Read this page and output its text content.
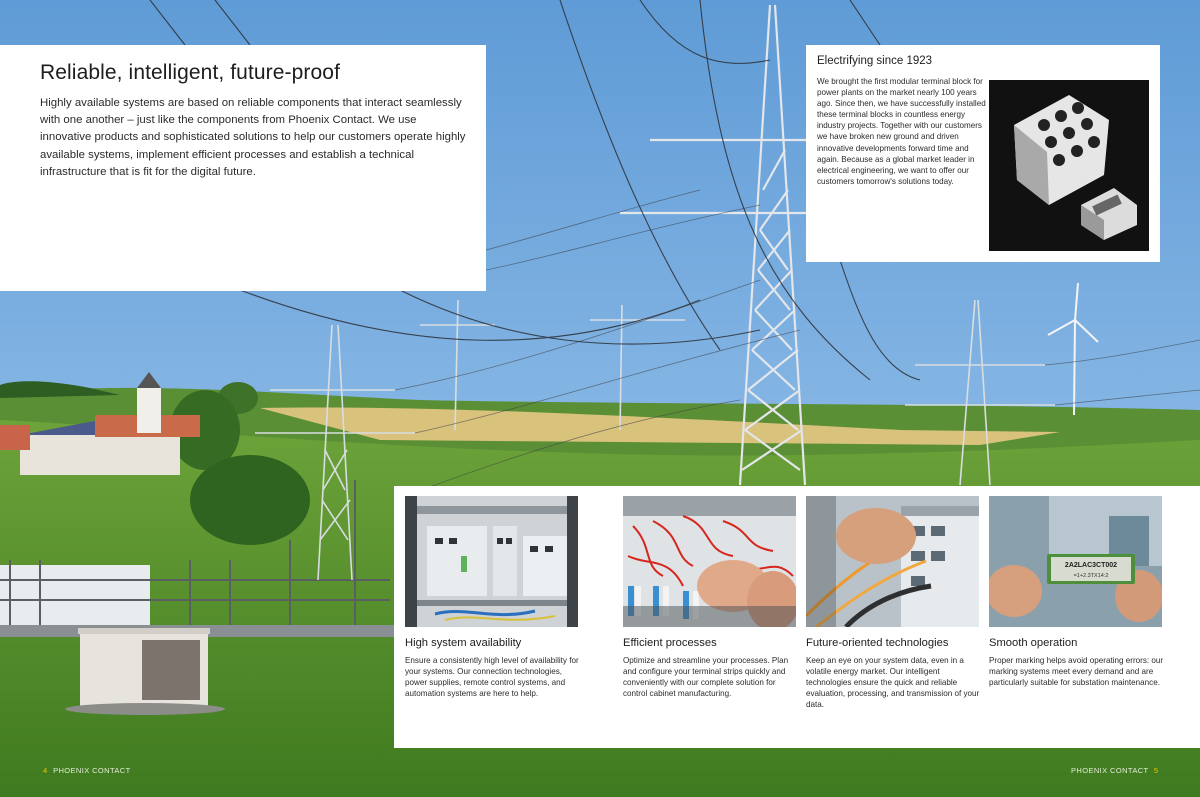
Reliable, intelligent, future-proof

Highly available systems are based on reliable components that interact seamlessly with one another – just like the components from Phoenix Contact. We use innovative products and sophisticated solutions to help our customers operate highly available systems, implement efficient processes and establish a technical infrastructure that is fit for the digital future.

Electrifying since 1923

We brought the first modular terminal block for power plants on the market nearly 100 years ago. Since then, we have successfully installed these terminal blocks in countless energy industry projects. Together with our customers we have broken new ground and driven innovative developments forward time and again. Because as a global market leader in electrical engineering, we want to offer our customers tomorrow's solutions today.

High system availability

Ensure a consistently high level of availability for your systems. Our connection technologies, power supplies, remote control systems, and automation systems are here to help.

Efficient processes

Optimize and streamline your processes. Plan and configure your terminal strips quickly and conveniently with our complete solution for control cabinet manufacturing.

Future-oriented technologies

Keep an eye on your system data, even in a volatile energy market. Our intelligent technologies ensure the quick and reliable evaluation, processing, and transmission of your data.

2A2LAC3CT002
=1+2.3TX14:2
Smooth operation

Proper marking helps avoid operating errors: our marking systems meet every demand and are particularly suitable for substation maintenance.

4 PHOENIX CONTACT	PHOENIX CONTACT 5
